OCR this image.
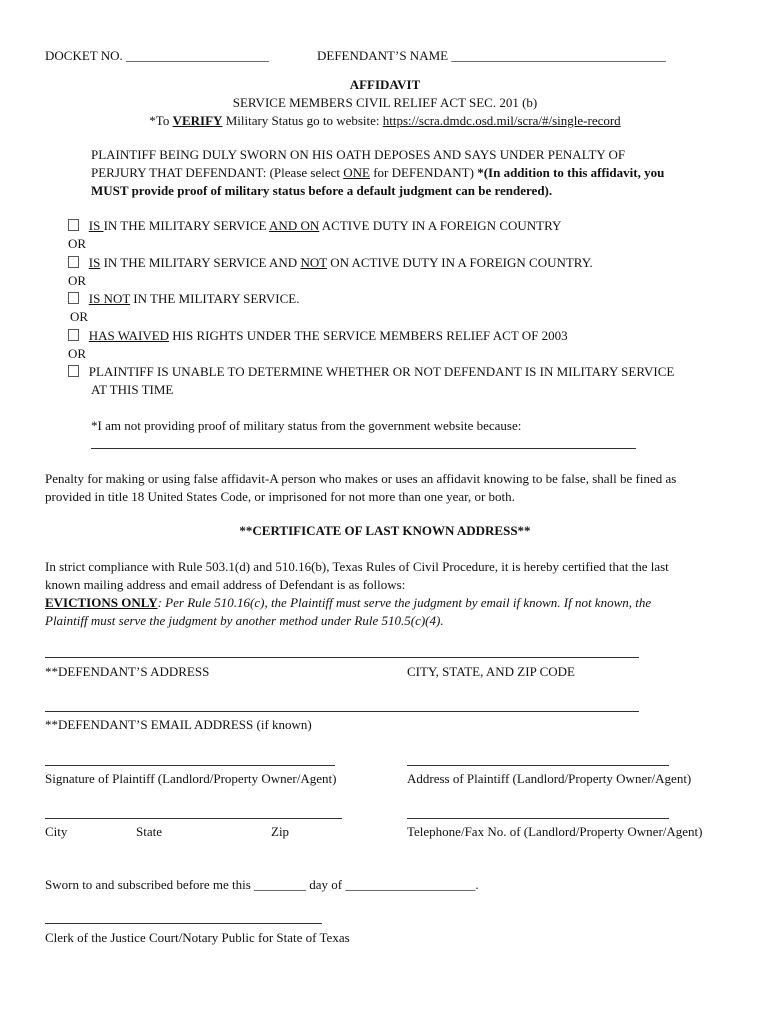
DOCKET NO. ______________________	DEFENDANT’S NAME _________________________________
AFFIDAVIT
SERVICE MEMBERS CIVIL RELIEF ACT SEC. 201 (b)
*To VERIFY Military Status go to website: https://scra.dmdc.osd.mil/scra/#/single-record
PLAINTIFF BEING DULY SWORN ON HIS OATH DEPOSES AND SAYS UNDER PENALTY OF
PERJURY THAT DEFENDANT: (Please select ONE for DEFENDANT) *(In addition to this affidavit, you
MUST provide proof of military status before a default judgment can be rendered).
IS IN THE MILITARY SERVICE AND ON ACTIVE DUTY IN A FOREIGN COUNTRY
OR
IS IN THE MILITARY SERVICE AND NOT ON ACTIVE DUTY IN A FOREIGN COUNTRY.
OR
IS NOT IN THE MILITARY SERVICE.
OR
HAS WAIVED HIS RIGHTS UNDER THE SERVICE MEMBERS RELIEF ACT OF 2003
OR
PLAINTIFF IS UNABLE TO DETERMINE WHETHER OR NOT DEFENDANT IS IN MILITARY SERVICE
AT THIS TIME
*I am not providing proof of military status from the government website because:
Penalty for making or using false affidavit-A person who makes or uses an affidavit knowing to be false, shall be fined as
provided in title 18 United States Code, or imprisoned for not more than one year, or both.
**CERTIFICATE OF LAST KNOWN ADDRESS**
In strict compliance with Rule 503.1(d) and 510.16(b), Texas Rules of Civil Procedure, it is hereby certified that the last
known mailing address and email address of Defendant is as follows:
EVICTIONS ONLY: Per Rule 510.16(c), the Plaintiff must serve the judgment by email if known. If not known, the
Plaintiff must serve the judgment by another method under Rule 510.5(c)(4).
**DEFENDANT’S ADDRESS	CITY, STATE, AND ZIP CODE
**DEFENDANT’S EMAIL ADDRESS (if known)
Signature of Plaintiff (Landlord/Property Owner/Agent)	Address of Plaintiff (Landlord/Property Owner/Agent)
City	State	Zip	Telephone/Fax No. of (Landlord/Property Owner/Agent)
Sworn to and subscribed before me this ________ day of ____________________.
Clerk of the Justice Court/Notary Public for State of Texas
